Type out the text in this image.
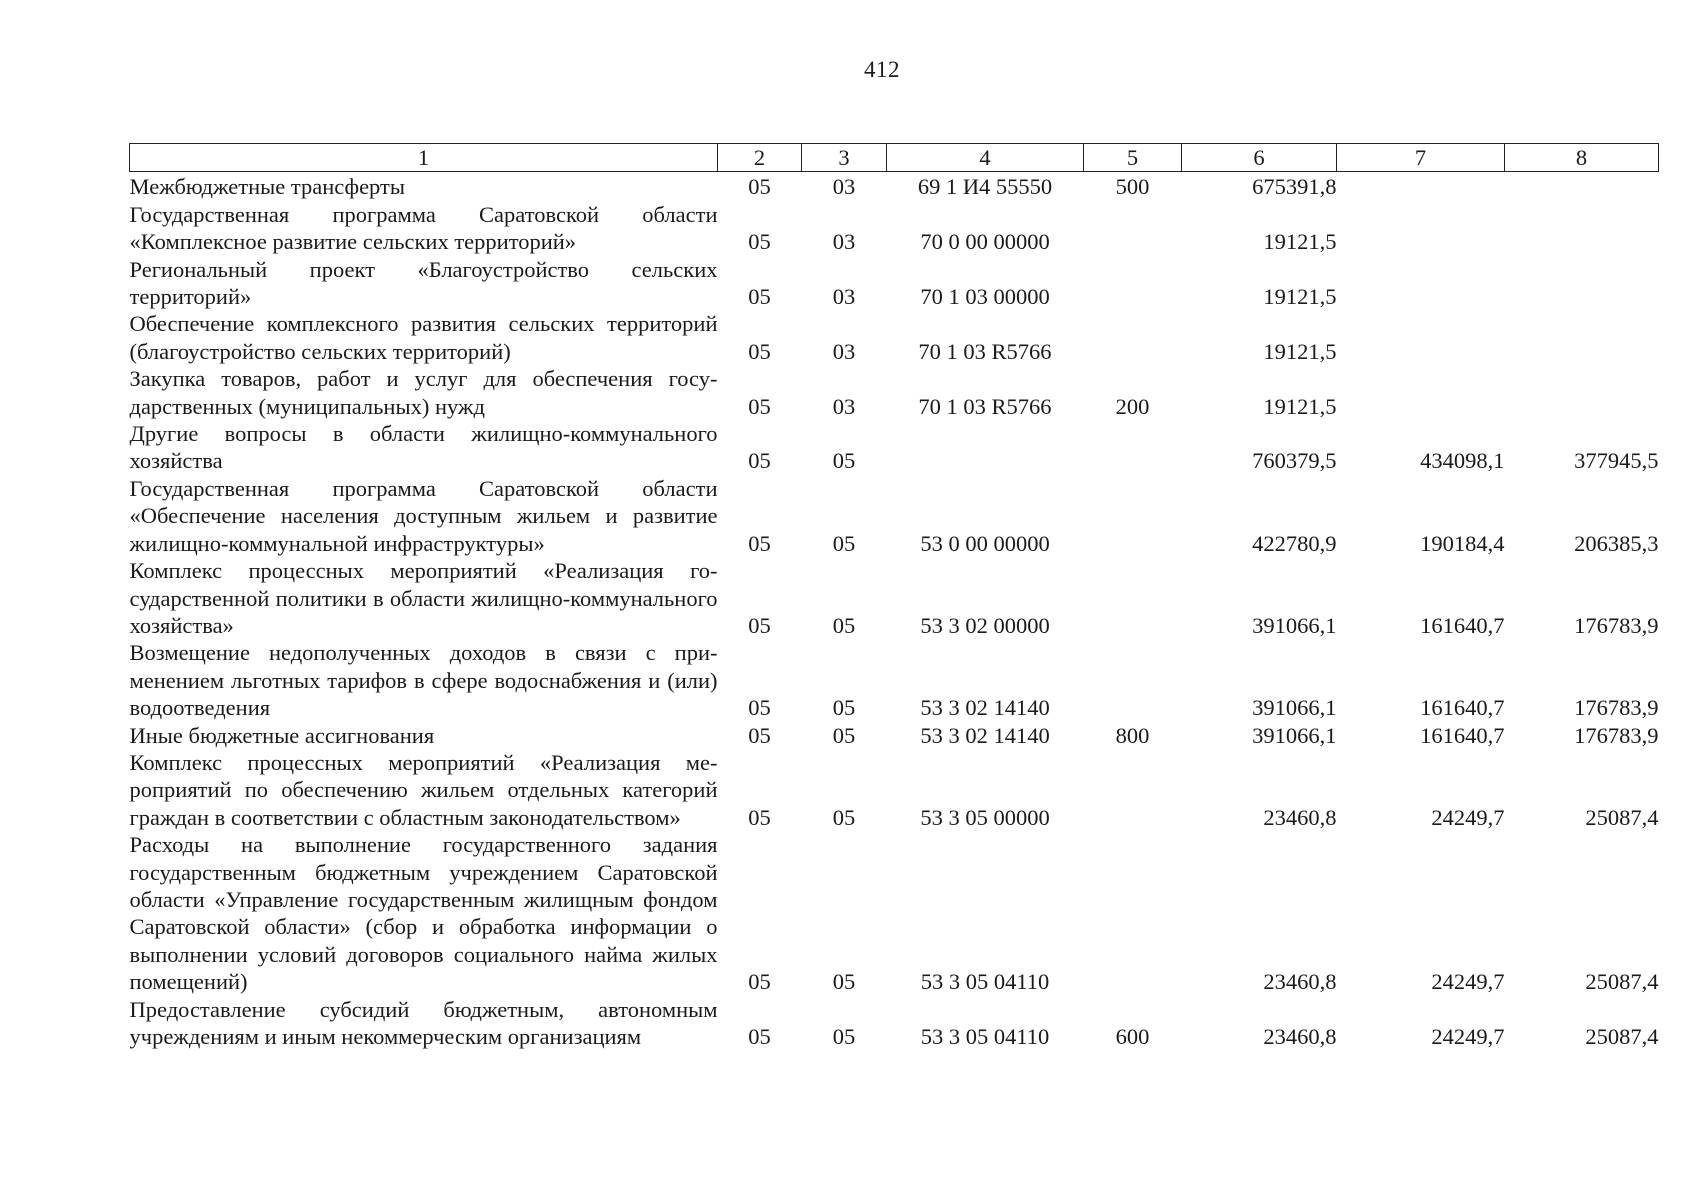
412
1	2	3	4	5	6	7	8
Межбюджетные трансферты	05	03	69 1 И4 55550	500	675391,8		
Государственная программа Саратовской области «Комплексное развитие сельских территорий»	05	03	70 0 00 00000		19121,5		
Региональный проект «Благоустройство сельских территорий»	05	03	70 1 03 00000		19121,5		
Обеспечение комплексного развития сельских территорий (благоустройство сельских территорий)	05	03	70 1 03 R5766		19121,5		
Закупка товаров, работ и услуг для обеспечения государственных (муниципальных) нужд	05	03	70 1 03 R5766	200	19121,5		
Другие вопросы в области жилищно-коммунального хозяйства	05	05			760379,5	434098,1	377945,5
Государственная программа Саратовской области «Обеспечение населения доступным жильем и развитие жилищно-коммунальной инфраструктуры»	05	05	53 0 00 00000		422780,9	190184,4	206385,3
Комплекс процессных мероприятий «Реализация государственной политики в области жилищно-​коммунального хозяйства»	05	05	53 3 02 00000		391066,1	161640,7	176783,9
Возмещение недополученных доходов в связи с применением льготных тарифов в сфере водоснабжения и (или) водоотведения	05	05	53 3 02 14140		391066,1	161640,7	176783,9
Иные бюджетные ассигнования	05	05	53 3 02 14140	800	391066,1	161640,7	176783,9
Комплекс процессных мероприятий «Реализация мероприятий по обеспечению жильем отдельных категорий граждан в соответствии с областным законодательством»	05	05	53 3 05 00000		23460,8	24249,7	25087,4
Расходы на выполнение государственного задания государственным бюджетным учреждением Саратовской области «Управление государственным жилищным фондом Саратовской области» (сбор и обработка информации о выполнении условий договоров социального найма жилых помещений)	05	05	53 3 05 04110		23460,8	24249,7	25087,4
Предоставление субсидий бюджетным, автономным учреждениям и иным некоммерческим организациям	05	05	53 3 05 04110	600	23460,8	24249,7	25087,4
